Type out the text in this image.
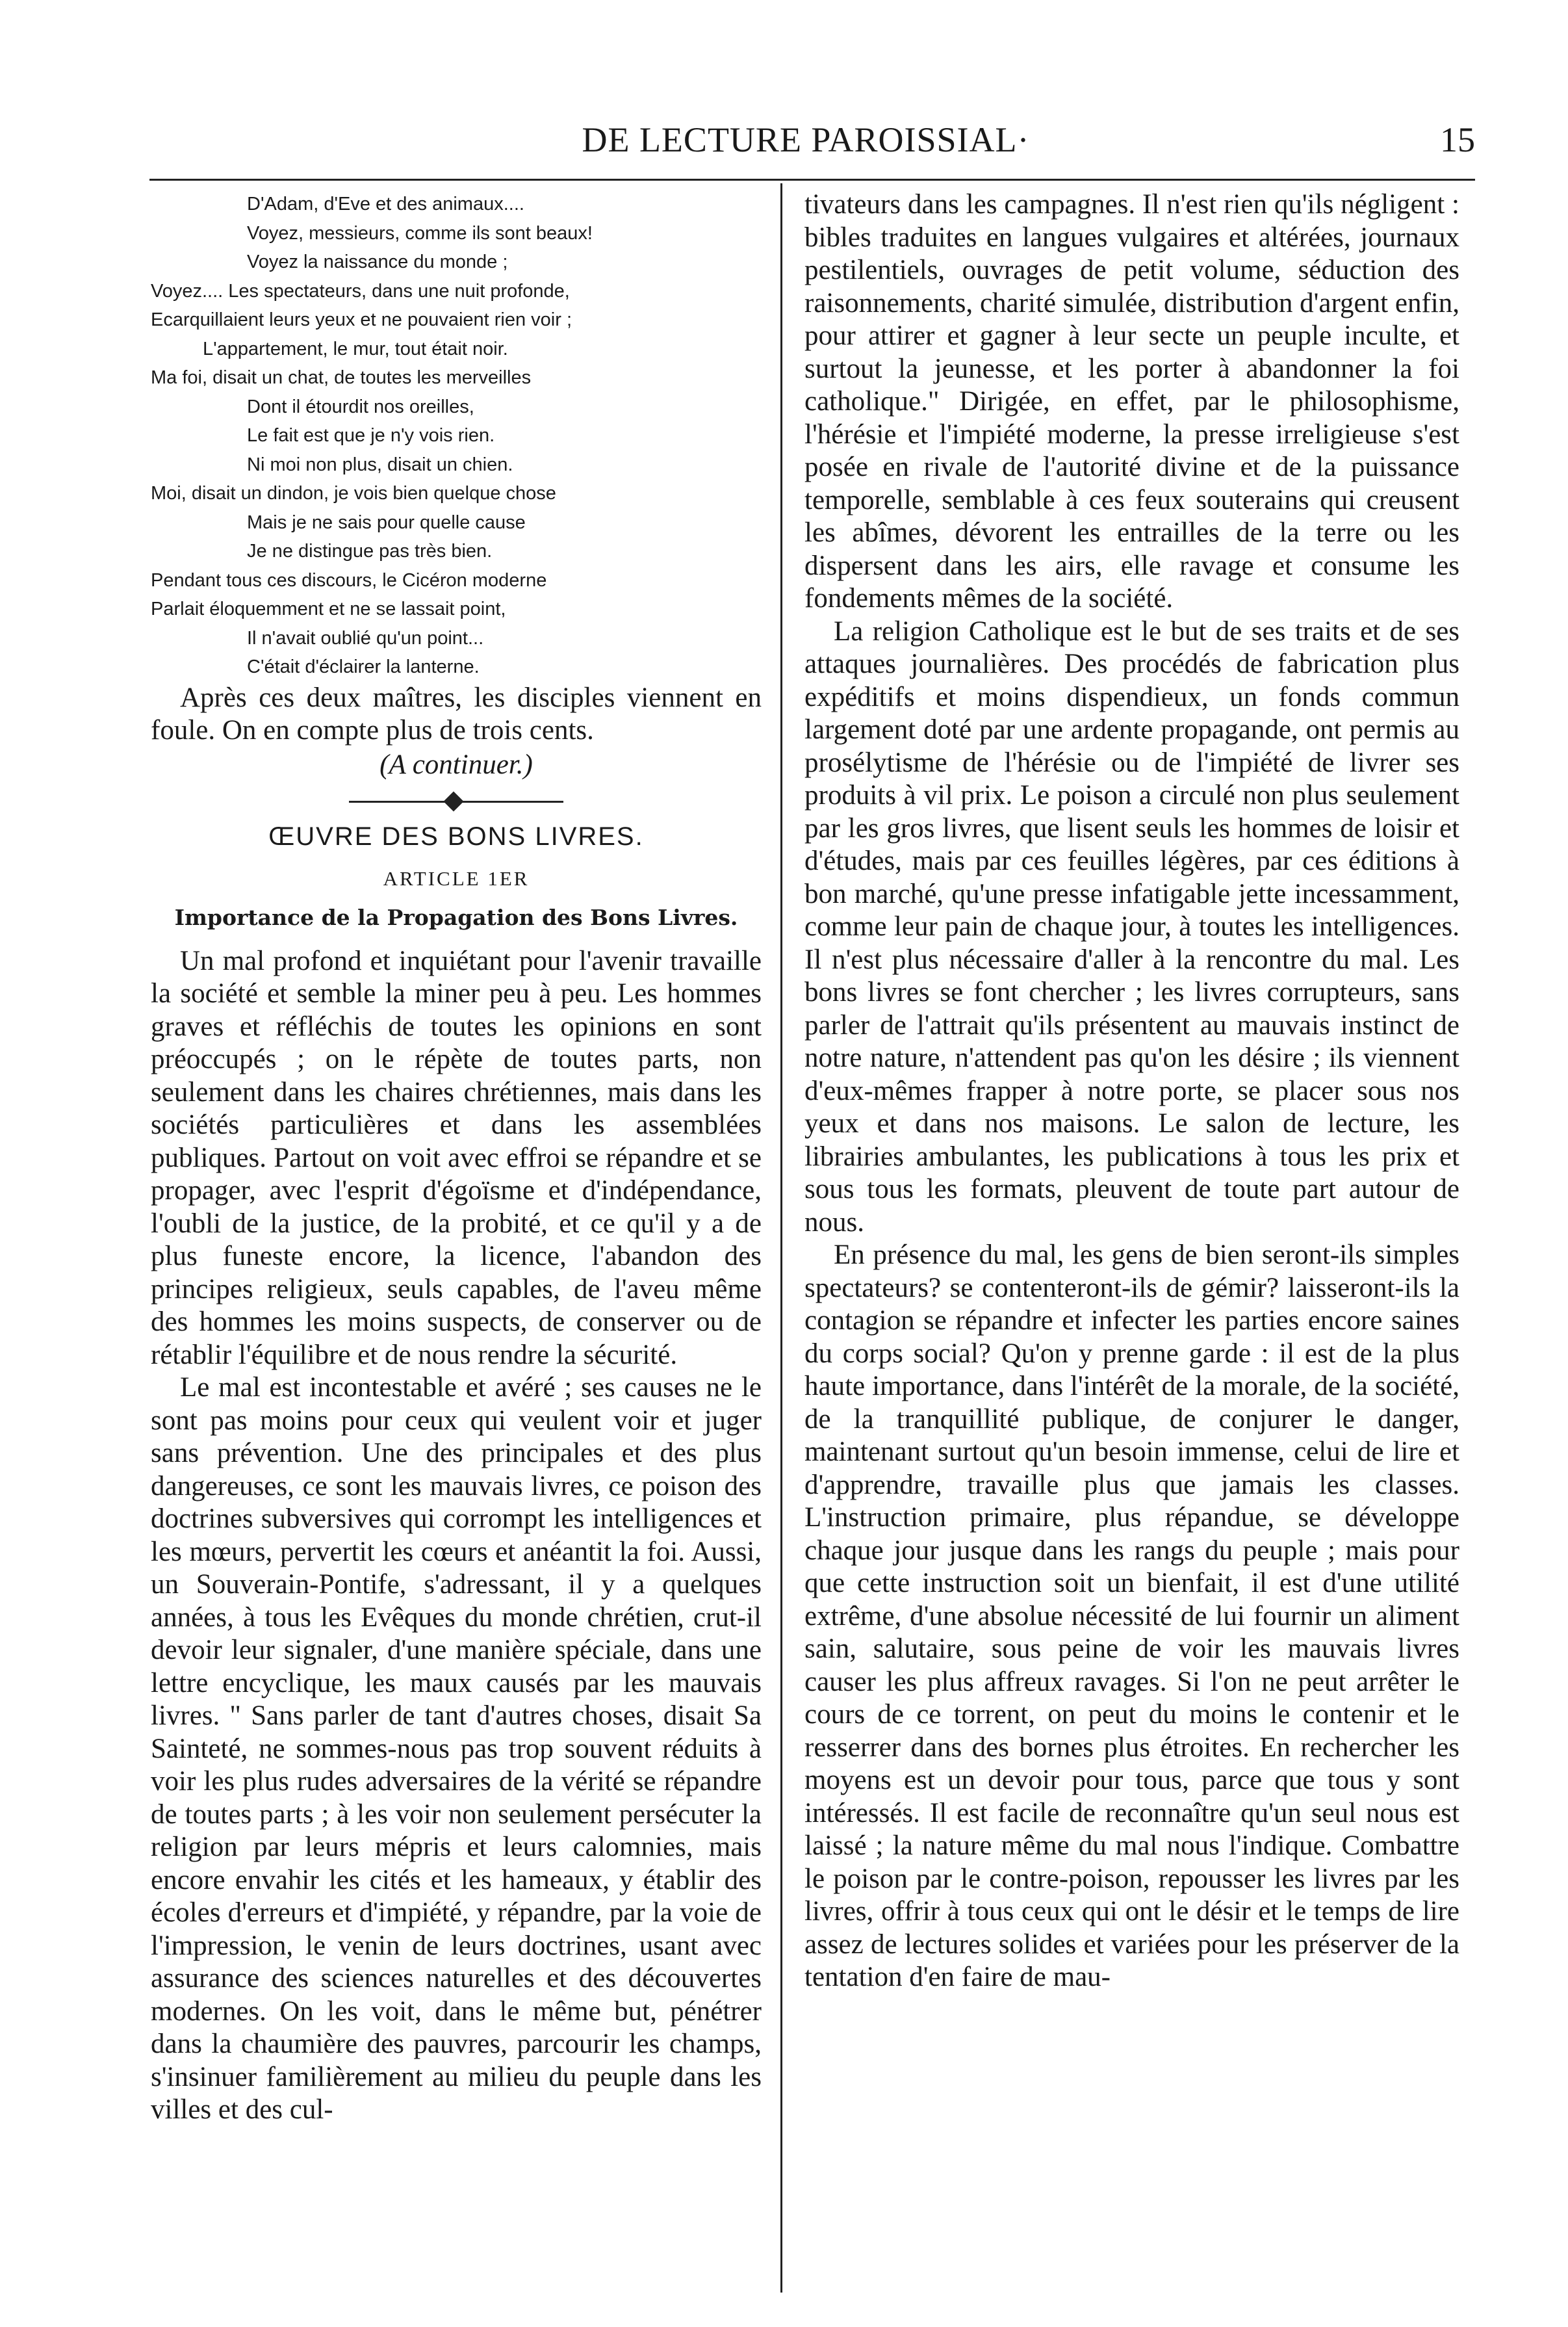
DE LECTURE PAROISSIAL·	15
D'Adam, d'Eve et des animaux....
Voyez, messieurs, comme ils sont beaux!
Voyez la naissance du monde ;
Voyez.... Les spectateurs, dans une nuit profonde,
Ecarquillaient leurs yeux et ne pouvaient rien voir ;
L'appartement, le mur, tout était noir.
Ma foi, disait un chat, de toutes les merveilles
Dont il étourdit nos oreilles,
Le fait est que je n'y vois rien.
Ni moi non plus, disait un chien.
Moi, disait un dindon, je vois bien quelque chose
Mais je ne sais pour quelle cause
Je ne distingue pas très bien.
Pendant tous ces discours, le Cicéron moderne
Parlait éloquemment et ne se lassait point,
Il n'avait oublié qu'un point...
C'était d'éclairer la lanterne.

Après ces deux maîtres, les disciples viennent en foule. On en compte plus de trois cents.

(A continuer.)

ŒUVRE DES BONS LIVRES.
ARTICLE 1ER
Importance de la Propagation des Bons Livres.

Un mal profond et inquiétant pour l'avenir travaille la société et semble la miner peu à peu. Les hommes graves et réfléchis de toutes les opinions en sont préoccupés ; on le répète de toutes parts, non seulement dans les chaires chrétiennes, mais dans les sociétés particulières et dans les assemblées publiques. Partout on voit avec effroi se répandre et se propager, avec l'esprit d'égoïsme et d'indépendance, l'oubli de la justice, de la probité, et ce qu'il y a de plus funeste encore, la licence, l'abandon des principes religieux, seuls capables, de l'aveu même des hommes les moins suspects, de conserver ou de rétablir l'équilibre et de nous rendre la sécurité.

Le mal est incontestable et avéré ; ses causes ne le sont pas moins pour ceux qui veulent voir et juger sans prévention. Une des principales et des plus dangereuses, ce sont les mauvais livres, ce poison des doctrines subversives qui corrompt les intelligences et les mœurs, pervertit les cœurs et anéantit la foi. Aussi, un Souverain-Pontife, s'adressant, il y a quelques années, à tous les Evêques du monde chrétien, crut-il devoir leur signaler, d'une manière spéciale, dans une lettre encyclique, les maux causés par les mauvais livres. " Sans parler de tant d'autres choses, disait Sa Sainteté, ne sommes-nous pas trop souvent réduits à voir les plus rudes adversaires de la vérité se répandre de toutes parts ; à les voir non seulement persécuter la religion par leurs mépris et leurs calomnies, mais encore envahir les cités et les hameaux, y établir des écoles d'erreurs et d'impiété, y répandre, par la voie de l'impression, le venin de leurs doctrines, usant avec assurance des sciences naturelles et des découvertes modernes. On les voit, dans le même but, pénétrer dans la chaumière des pauvres, parcourir les champs, s'insinuer familièrement au milieu du peuple dans les villes et des cul-

tivateurs dans les campagnes. Il n'est rien qu'ils négligent : bibles traduites en langues vulgaires et altérées, journaux pestilentiels, ouvrages de petit volume, séduction des raisonnements, charité simulée, distribution d'argent enfin, pour attirer et gagner à leur secte un peuple inculte, et surtout la jeunesse, et les porter à abandonner la foi catholique." Dirigée, en effet, par le philosophisme, l'hérésie et l'impiété moderne, la presse irreligieuse s'est posée en rivale de l'autorité divine et de la puissance temporelle, semblable à ces feux souterains qui creusent les abîmes, dévorent les entrailles de la terre ou les dispersent dans les airs, elle ravage et consume les fondements mêmes de la société.

La religion Catholique est le but de ses traits et de ses attaques journalières. Des procédés de fabrication plus expéditifs et moins dispendieux, un fonds commun largement doté par une ardente propagande, ont permis au prosélytisme de l'hérésie ou de l'impiété de livrer ses produits à vil prix. Le poison a circulé non plus seulement par les gros livres, que lisent seuls les hommes de loisir et d'études, mais par ces feuilles légères, par ces éditions à bon marché, qu'une presse infatigable jette incessamment, comme leur pain de chaque jour, à toutes les intelligences. Il n'est plus nécessaire d'aller à la rencontre du mal. Les bons livres se font chercher ; les livres corrupteurs, sans parler de l'attrait qu'ils présentent au mauvais instinct de notre nature, n'attendent pas qu'on les désire ; ils viennent d'eux-mêmes frapper à notre porte, se placer sous nos yeux et dans nos maisons. Le salon de lecture, les librairies ambulantes, les publications à tous les prix et sous tous les formats, pleuvent de toute part autour de nous.

En présence du mal, les gens de bien seront-ils simples spectateurs? se contenteront-ils de gémir? laisseront-ils la contagion se répandre et infecter les parties encore saines du corps social? Qu'on y prenne garde : il est de la plus haute importance, dans l'intérêt de la morale, de la société, de la tranquillité publique, de conjurer le danger, maintenant surtout qu'un besoin immense, celui de lire et d'apprendre, travaille plus que jamais les classes. L'instruction primaire, plus répandue, se développe chaque jour jusque dans les rangs du peuple ; mais pour que cette instruction soit un bienfait, il est d'une utilité extrême, d'une absolue nécessité de lui fournir un aliment sain, salutaire, sous peine de voir les mauvais livres causer les plus affreux ravages. Si l'on ne peut arrêter le cours de ce torrent, on peut du moins le contenir et le resserrer dans des bornes plus étroites. En rechercher les moyens est un devoir pour tous, parce que tous y sont intéressés. Il est facile de reconnaître qu'un seul nous est laissé ; la nature même du mal nous l'indique. Combattre le poison par le contre-poison, repousser les livres par les livres, offrir à tous ceux qui ont le désir et le temps de lire assez de lectures solides et variées pour les préserver de la tentation d'en faire de mau-
